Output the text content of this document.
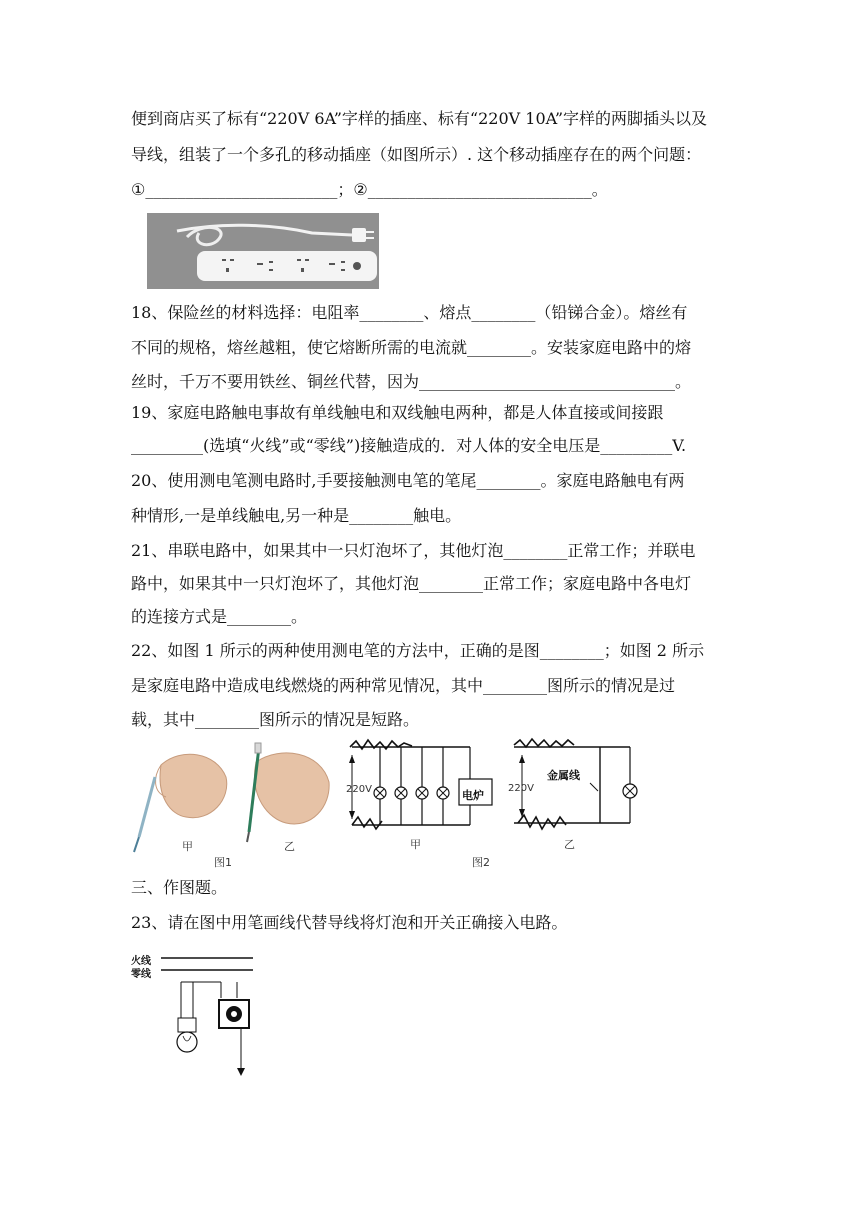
便到商店买了标有“220V 6A”字样的插座、标有“220V 10A”字样的两脚插头以及
导线，组装了一个多孔的移动插座（如图所示）. 这个移动插座存在的两个问题：
①________________________；②____________________________。
18、保险丝的材料选择：电阻率________、熔点________（铅锑合金）。熔丝有
不同的规格，熔丝越粗，使它熔断所需的电流就________。安装家庭电路中的熔
丝时，千万不要用铁丝、铜丝代替，因为________________________________。
19、家庭电路触电事故有单线触电和双线触电两种，都是人体直接或间接跟
_________(选填“火线”或“零线”)接触造成的．对人体的安全电压是_________V.
20、使用测电笔测电路时,手要接触测电笔的笔尾________。家庭电路触电有两
种情形,一是单线触电,另一种是________触电。
21、串联电路中，如果其中一只灯泡坏了，其他灯泡________正常工作；并联电
路中，如果其中一只灯泡坏了，其他灯泡________正常工作；家庭电路中各电灯
的连接方式是________。
22、如图 1 所示的两种使用测电笔的方法中，正确的是图________；如图 2 所示
是家庭电路中造成电线燃烧的两种常见情况，其中________图所示的情况是过
载，其中________图所示的情况是短路。
甲	乙
图1
220V	电炉
甲
220V
金属线
乙
图2
三、作图题。
23、请在图中用笔画线代替导线将灯泡和开关正确接入电路。
火线
零线
